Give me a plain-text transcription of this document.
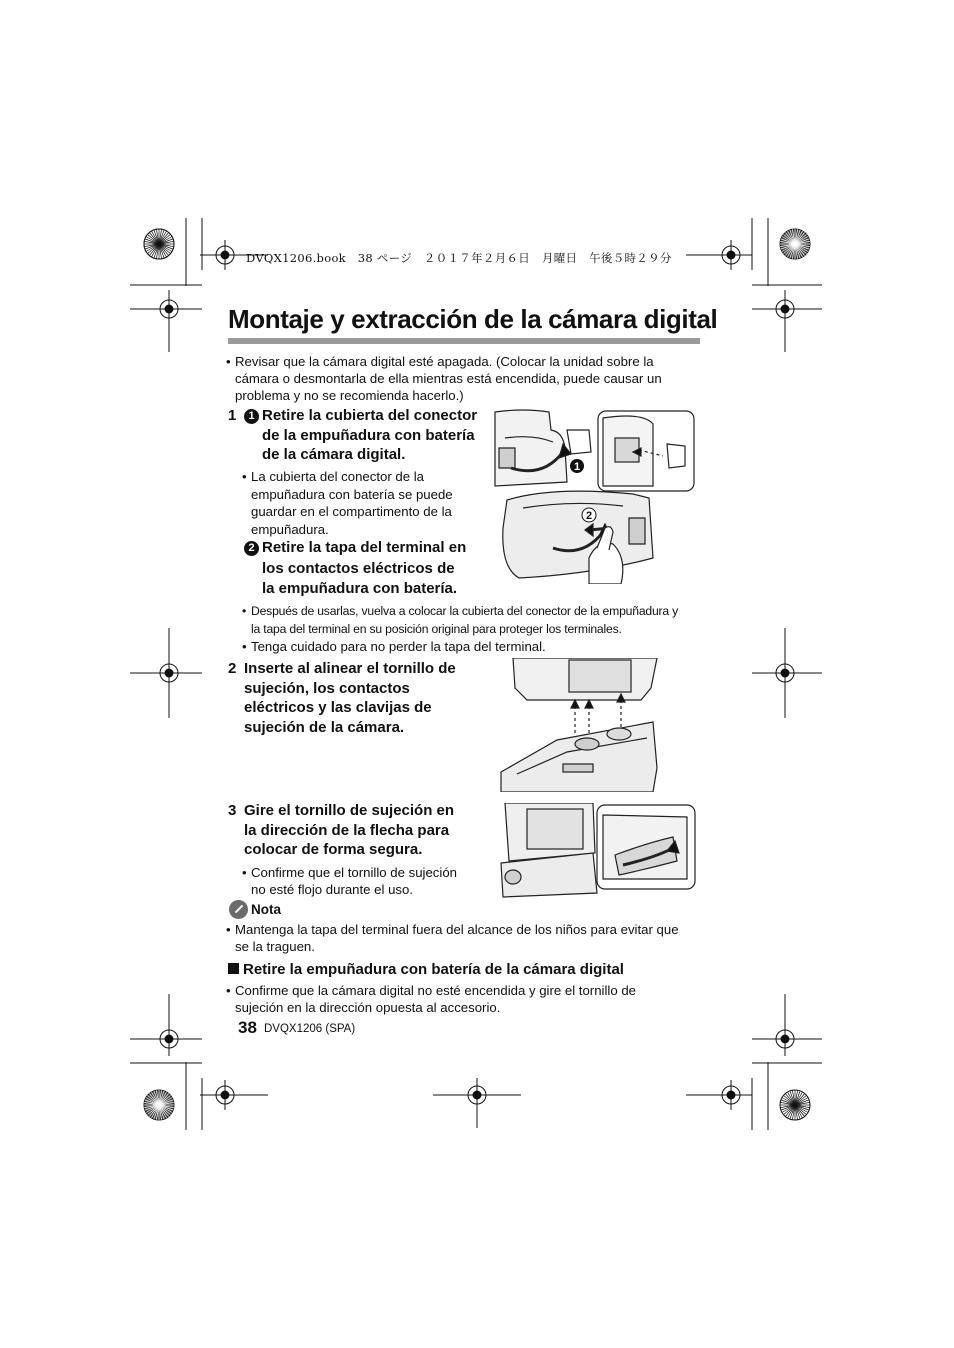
DVQX1206.book　38 ページ　２０１７年２月６日　月曜日　午後５時２９分
Montaje y extracción de la cámara digital
• Revisar que la cámara digital esté apagada. (Colocar la unidad sobre la
cámara o desmontarla de ella mientras está encendida, puede causar un
problema y no se recomienda hacerlo.)
1	1 Retire la cubierta del conector
de la empuñadura con batería
de la cámara digital.
• La cubierta del conector de la
empuñadura con batería se puede
guardar en el compartimento de la
empuñadura.
2 Retire la tapa del terminal en
los contactos eléctricos de
la empuñadura con batería.
• Después de usarlas, vuelva a colocar la cubierta del conector de la empuñadura y
la tapa del terminal en su posición original para proteger los terminales.
• Tenga cuidado para no perder la tapa del terminal.
2 Inserte al alinear el tornillo de
sujeción, los contactos
eléctricos y las clavijas de
sujeción de la cámara.
3 Gire el tornillo de sujeción en
la dirección de la flecha para
colocar de forma segura.
• Confirme que el tornillo de sujeción
no esté flojo durante el uso.
Nota
• Mantenga la tapa del terminal fuera del alcance de los niños para evitar que
se la traguen.
Retire la empuñadura con batería de la cámara digital
• Confirme que la cámara digital no esté encendida y gire el tornillo de
sujeción en la dirección opuesta al accesorio.
38 DVQX1206 (SPA)
1
2
